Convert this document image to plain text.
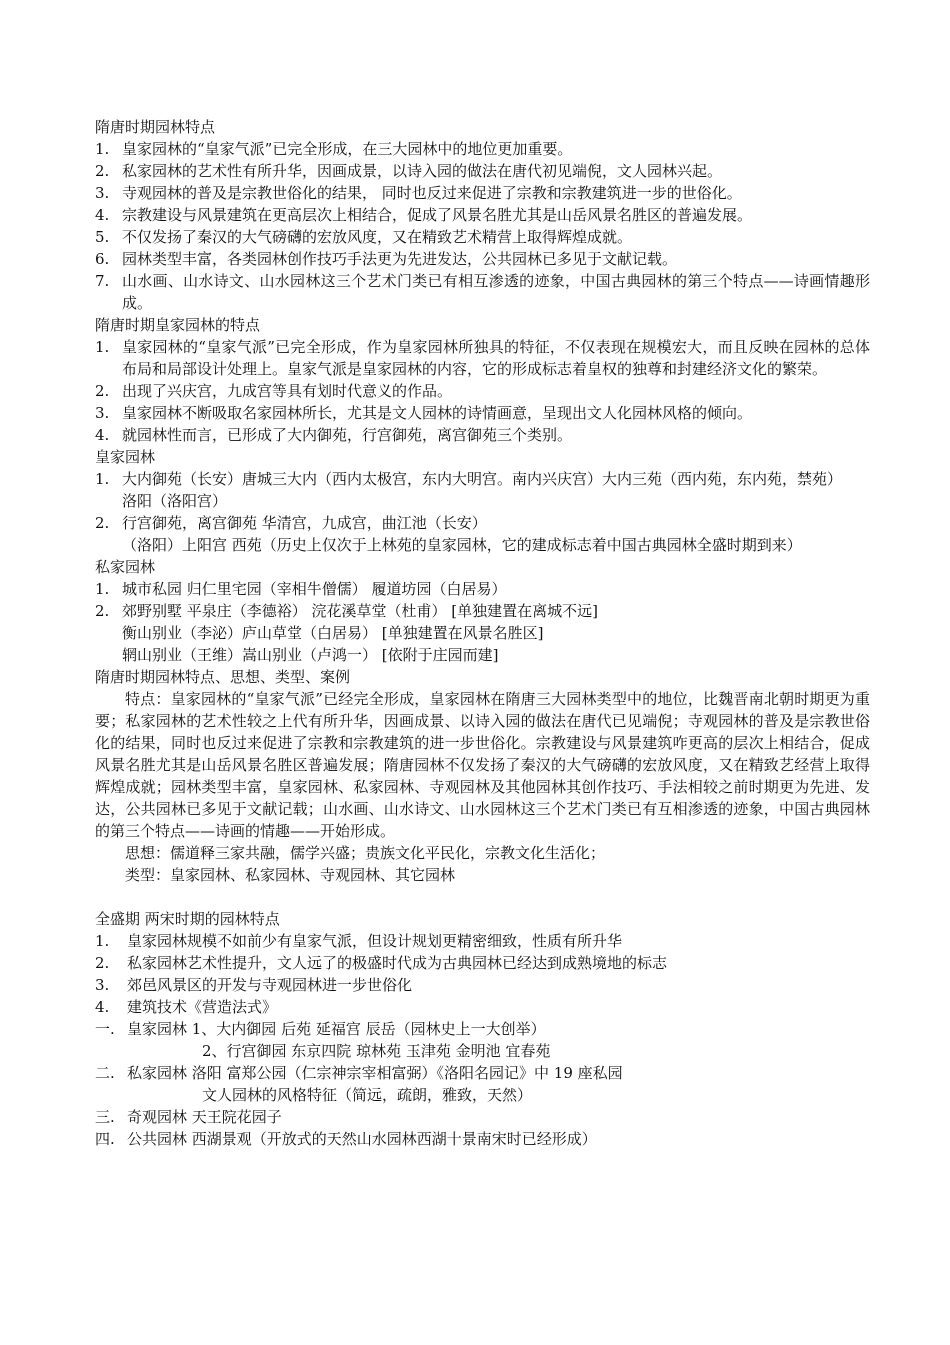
隋唐时期园林特点
1. 皇家园林的“皇家气派”已完全形成，在三大园林中的地位更加重要。
2. 私家园林的艺术性有所升华，因画成景，以诗入园的做法在唐代初见端倪，文人园林兴起。
3. 寺观园林的普及是宗教世俗化的结果， 同时也反过来促进了宗教和宗教建筑进一步的世俗化。
4. 宗教建设与风景建筑在更高层次上相结合，促成了风景名胜尤其是山岳风景名胜区的普遍发展。
5. 不仅发扬了秦汉的大气磅礴的宏放风度，又在精致艺术精营上取得辉煌成就。
6. 园林类型丰富，各类园林创作技巧手法更为先进发达，公共园林已多见于文献记载。
7. 山水画、山水诗文、山水园林这三个艺术门类已有相互渗透的迹象，中国古典园林的第三个特点——诗画情趣形成。
隋唐时期皇家园林的特点
1. 皇家园林的“皇家气派”已完全形成，作为皇家园林所独具的特征，不仅表现在规模宏大，而且反映在园林的总体布局和局部设计处理上。皇家气派是皇家园林的内容，它的形成标志着皇权的独尊和封建经济文化的繁荣。
2. 出现了兴庆宫，九成宫等具有划时代意义的作品。
3. 皇家园林不断吸取名家园林所长，尤其是文人园林的诗情画意，呈现出文人化园林风格的倾向。
4. 就园林性而言，已形成了大内御苑，行宫御苑，离宫御苑三个类别。
皇家园林
1. 大内御苑（长安）唐城三大内（西内太极宫，东内大明宫。南内兴庆宫）大内三苑（西内苑，东内苑，禁苑）
洛阳（洛阳宫）
2. 行宫御苑，离宫御苑 华清宫，九成宫，曲江池（长安）
（洛阳）上阳宫 西苑（历史上仅次于上林苑的皇家园林，它的建成标志着中国古典园林全盛时期到来）
私家园林
1. 城市私园 归仁里宅园（宰相牛僧儒） 履道坊园（白居易）
2. 郊野别墅 平泉庄（李德裕） 浣花溪草堂（杜甫） [单独建置在离城不远]
衡山别业（李泌）庐山草堂（白居易） [单独建置在风景名胜区]
辋山别业（王维）嵩山别业（卢鸿一） [依附于庄园而建]
隋唐时期园林特点、思想、类型、案例
特点：皇家园林的“皇家气派”已经完全形成，皇家园林在隋唐三大园林类型中的地位，比魏晋南北朝时期更为重要；私家园林的艺术性较之上代有所升华，因画成景、以诗入园的做法在唐代已见端倪；寺观园林的普及是宗教世俗化的结果，同时也反过来促进了宗教和宗教建筑的进一步世俗化。宗教建设与风景建筑咋更高的层次上相结合，促成风景名胜尤其是山岳风景名胜区普遍发展；隋唐园林不仅发扬了秦汉的大气磅礴的宏放风度，又在精致艺经营上取得辉煌成就；园林类型丰富，皇家园林、私家园林、寺观园林及其他园林其创作技巧、手法相较之前时期更为先进、发达，公共园林已多见于文献记载；山水画、山水诗文、山水园林这三个艺术门类已有互相渗透的迹象，中国古典园林的第三个特点——诗画的情趣——开始形成。
思想：儒道释三家共融，儒学兴盛；贵族文化平民化，宗教文化生活化；
类型：皇家园林、私家园林、寺观园林、其它园林
全盛期 两宋时期的园林特点
1.	皇家园林规模不如前少有皇家气派，但设计规划更精密细致，性质有所升华
2.	私家园林艺术性提升，文人远了的极盛时代成为古典园林已经达到成熟境地的标志
3.	郊邑风景区的开发与寺观园林进一步世俗化
4.	建筑技术《营造法式》
一. 皇家园林 1、大内御园 后苑 延福宫 辰岳（园林史上一大创举）
2、行宫御园 东京四院 琼林苑 玉津苑 金明池 宜春苑
二. 私家园林 洛阳 富郑公园（仁宗神宗宰相富弼）《洛阳名园记》中 19 座私园
文人园林的风格特征（简远，疏朗，雅致，天然）
三. 奇观园林 天王院花园子
四. 公共园林 西湖景观（开放式的天然山水园林西湖十景南宋时已经形成）
